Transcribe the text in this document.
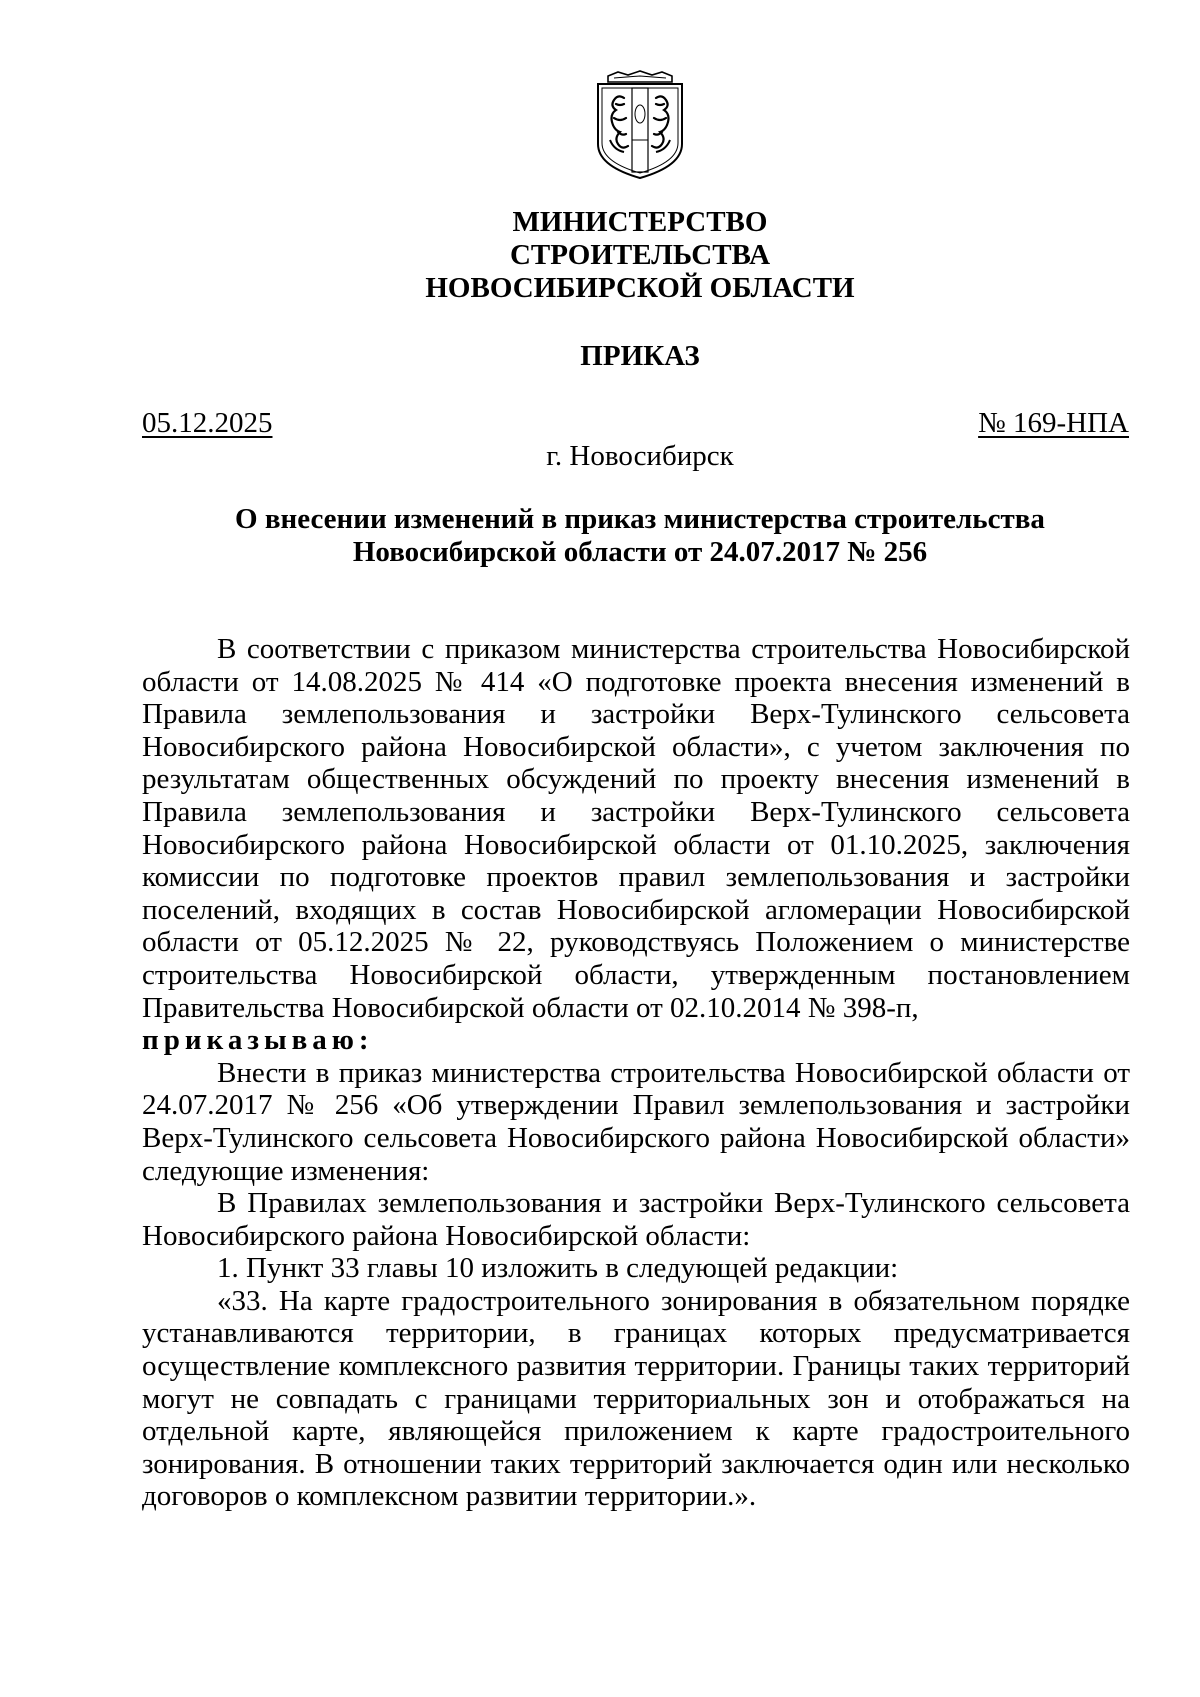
МИНИСТЕРСТВО
СТРОИТЕЛЬСТВА
НОВОСИБИРСКОЙ ОБЛАСТИ
ПРИКАЗ
05.12.2025	№ 169-НПА
г. Новосибирск
О внесении изменений в приказ министерства строительства
Новосибирской области от 24.07.2017 № 256

В соответствии с приказом министерства строительства Новосибирской области от 14.08.2025 № 414 «О подготовке проекта внесения изменений в Правила землепользования и застройки Верх-Тулинского сельсовета Новосибирского района Новосибирской области», с учетом заключения по результатам общественных обсуждений по проекту внесения изменений в Правила землепользования и застройки Верх-Тулинского сельсовета Новосибирского района Новосибирской области от 01.10.2025, заключения комиссии по подготовке проектов правил землепользования и застройки поселений, входящих в состав Новосибирской агломерации Новосибирской области от 05.12.2025 № 22, руководствуясь Положением о министерстве строительства Новосибирской области, утвержденным постановлением Правительства Новосибирской области от 02.10.2014 № 398-п,

приказываю:

Внести в приказ министерства строительства Новосибирской области от 24.07.2017 № 256 «Об утверждении Правил землепользования и застройки Верх-Тулинского сельсовета Новосибирского района Новосибирской области» следующие изменения:

В Правилах землепользования и застройки Верх-Тулинского сельсовета Новосибирского района Новосибирской области:

1. Пункт 33 главы 10 изложить в следующей редакции:

«33. На карте градостроительного зонирования в обязательном порядке устанавливаются территории, в границах которых предусматривается осуществление комплексного развития территории. Границы таких территорий могут не совпадать с границами территориальных зон и отображаться на отдельной карте, являющейся приложением к карте градостроительного зонирования. В отношении таких территорий заключается один или несколько договоров о комплексном развитии территории.».
